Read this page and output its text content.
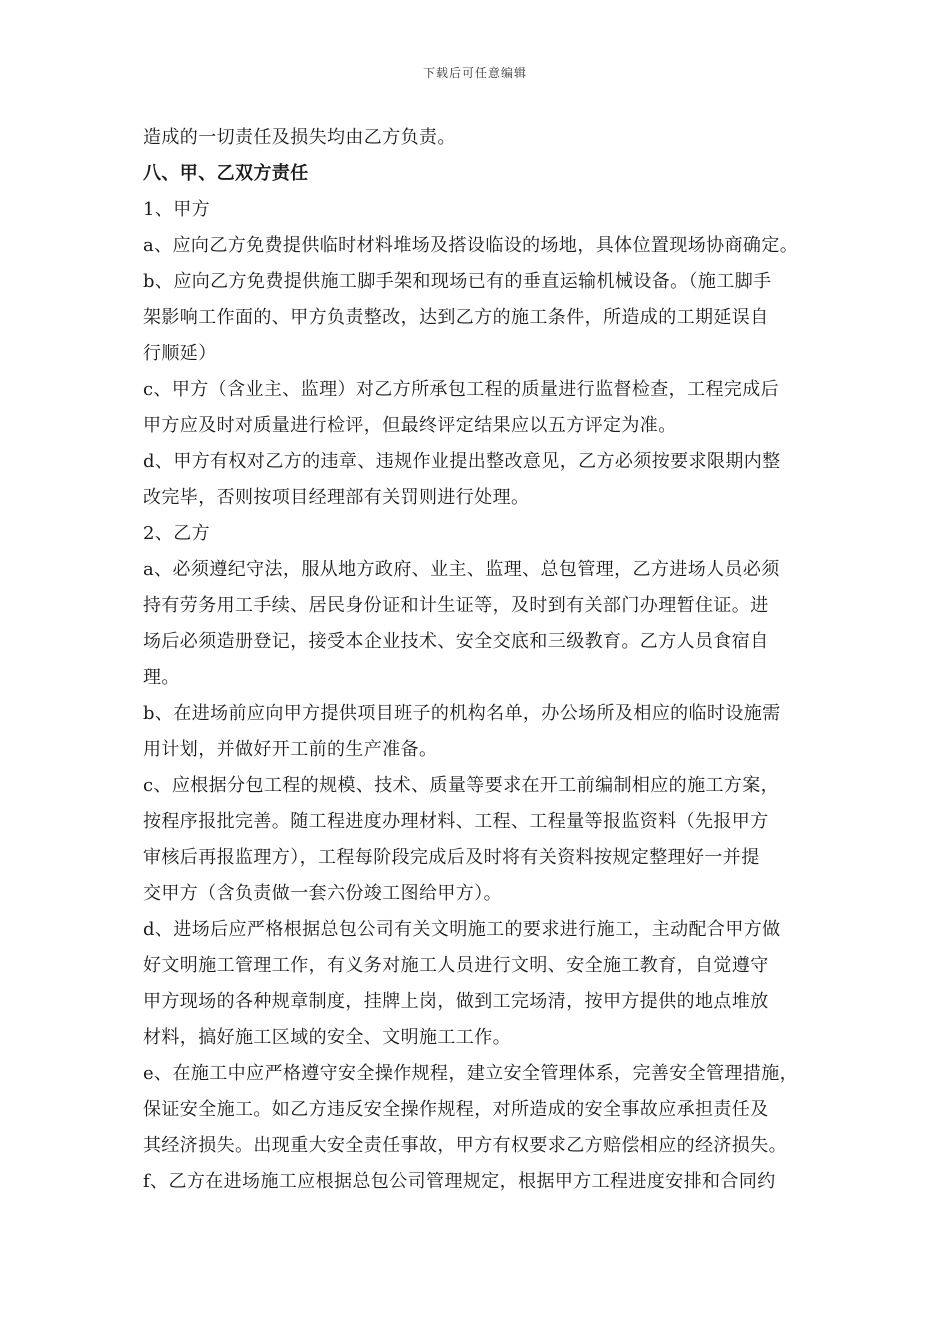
下载后可任意编辑
造成的一切责任及损失均由乙方负责。
八、甲、乙双方责任
1、甲方
a、应向乙方免费提供临时材料堆场及搭设临设的场地，具体位置现场协商确定。
b、应向乙方免费提供施工脚手架和现场已有的垂直运输机械设备。（施工脚手
架影响工作面的、甲方负责整改，达到乙方的施工条件，所造成的工期延误自
行顺延）
c、甲方（含业主、监理）对乙方所承包工程的质量进行监督检查，工程完成后
甲方应及时对质量进行检评，但最终评定结果应以五方评定为准。
d、甲方有权对乙方的违章、违规作业提出整改意见，乙方必须按要求限期内整
改完毕，否则按项目经理部有关罚则进行处理。
2、乙方
a、必须遵纪守法，服从地方政府、业主、监理、总包管理，乙方进场人员必须
持有劳务用工手续、居民身份证和计生证等，及时到有关部门办理暂住证。进
场后必须造册登记，接受本企业技术、安全交底和三级教育。乙方人员食宿自
理。
b、在进场前应向甲方提供项目班子的机构名单，办公场所及相应的临时设施需
用计划，并做好开工前的生产准备。
c、应根据分包工程的规模、技术、质量等要求在开工前编制相应的施工方案，
按程序报批完善。随工程进度办理材料、工程、工程量等报监资料（先报甲方
审核后再报监理方），工程每阶段完成后及时将有关资料按规定整理好一并提
交甲方（含负责做一套六份竣工图给甲方）。
d、进场后应严格根据总包公司有关文明施工的要求进行施工，主动配合甲方做
好文明施工管理工作，有义务对施工人员进行文明、安全施工教育，自觉遵守
甲方现场的各种规章制度，挂牌上岗，做到工完场清，按甲方提供的地点堆放
材料，搞好施工区域的安全、文明施工工作。
e、在施工中应严格遵守安全操作规程，建立安全管理体系，完善安全管理措施，
保证安全施工。如乙方违反安全操作规程，对所造成的安全事故应承担责任及
其经济损失。出现重大安全责任事故，甲方有权要求乙方赔偿相应的经济损失。
f、乙方在进场施工应根据总包公司管理规定，根据甲方工程进度安排和合同约
